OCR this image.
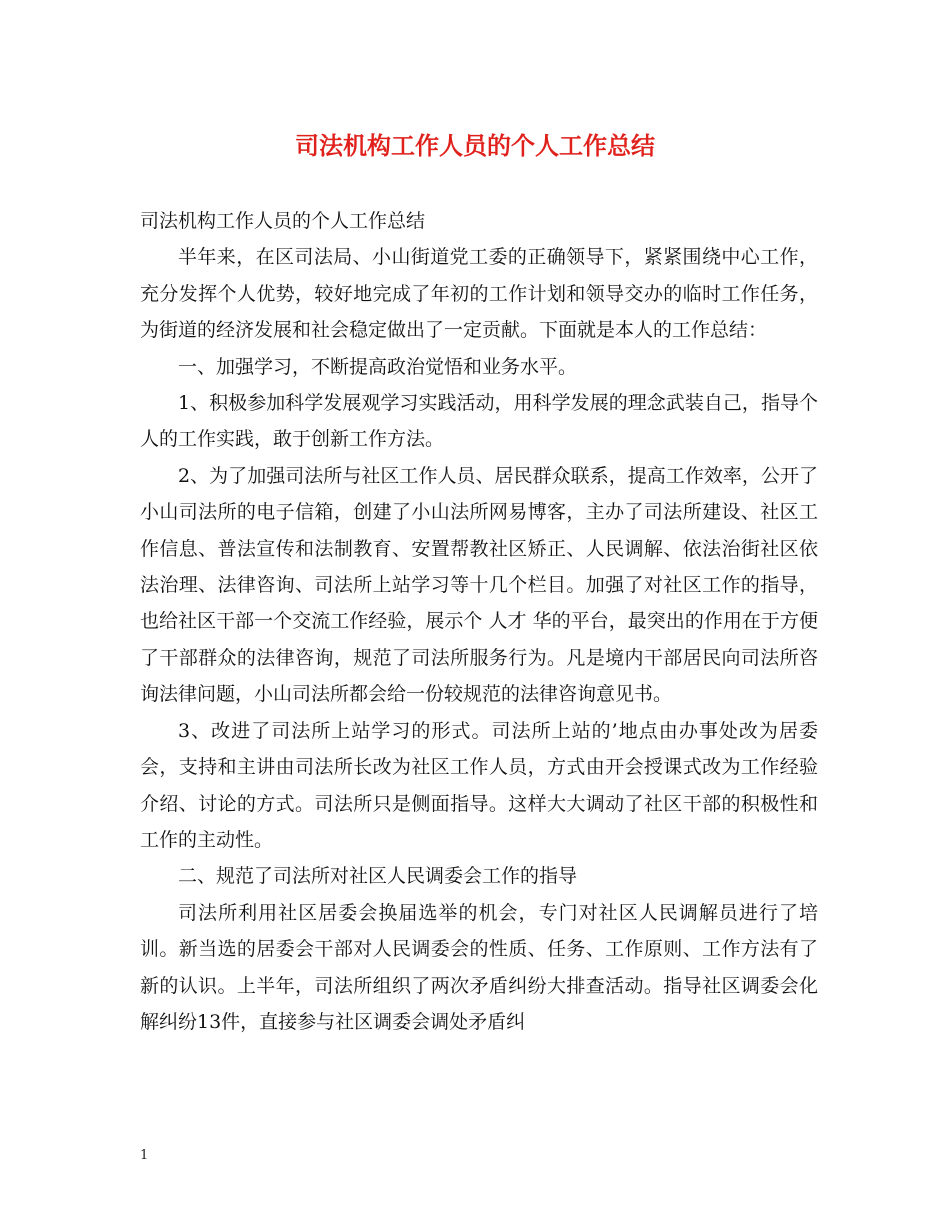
司法机构工作人员的个人工作总结

司法机构工作人员的个人工作总结

半年来，在区司法局、小山街道党工委的正确领导下，紧紧围绕中心工作，充分发挥个人优势，较好地完成了年初的工作计划和领导交办的临时工作任务，为街道的经济发展和社会稳定做出了一定贡献。下面就是本人的工作总结：

一、加强学习，不断提高政治觉悟和业务水平。

1、积极参加科学发展观学习实践活动，用科学发展的理念武装自己，指导个人的工作实践，敢于创新工作方法。

2、为了加强司法所与社区工作人员、居民群众联系，提高工作效率，公开了小山司法所的电子信箱，创建了小山法所网易博客，主办了司法所建设、社区工作信息、普法宣传和法制教育、安置帮教社区矫正、人民调解、依法治街社区依法治理、法律咨询、司法所上站学习等十几个栏目。加强了对社区工作的指导，也给社区干部一个交流工作经验，展示个 人才 华的平台，最突出的作用在于方便了干部群众的法律咨询，规范了司法所服务行为。凡是境内干部居民向司法所咨询法律问题，小山司法所都会给一份较规范的法律咨询意见书。

3、改进了司法所上站学习的形式。司法所上站的’地点由办事处改为居委会，支持和主讲由司法所长改为社区工作人员，方式由开会授课式改为工作经验介绍、讨论的方式。司法所只是侧面指导。这样大大调动了社区干部的积极性和工作的主动性。

二、规范了司法所对社区人民调委会工作的指导

司法所利用社区居委会换届选举的机会，专门对社区人民调解员进行了培训。新当选的居委会干部对人民调委会的性质、任务、工作原则、工作方法有了新的认识。上半年，司法所组织了两次矛盾纠纷大排查活动。指导社区调委会化解纠纷13件，直接参与社区调委会调处矛盾纠

1
